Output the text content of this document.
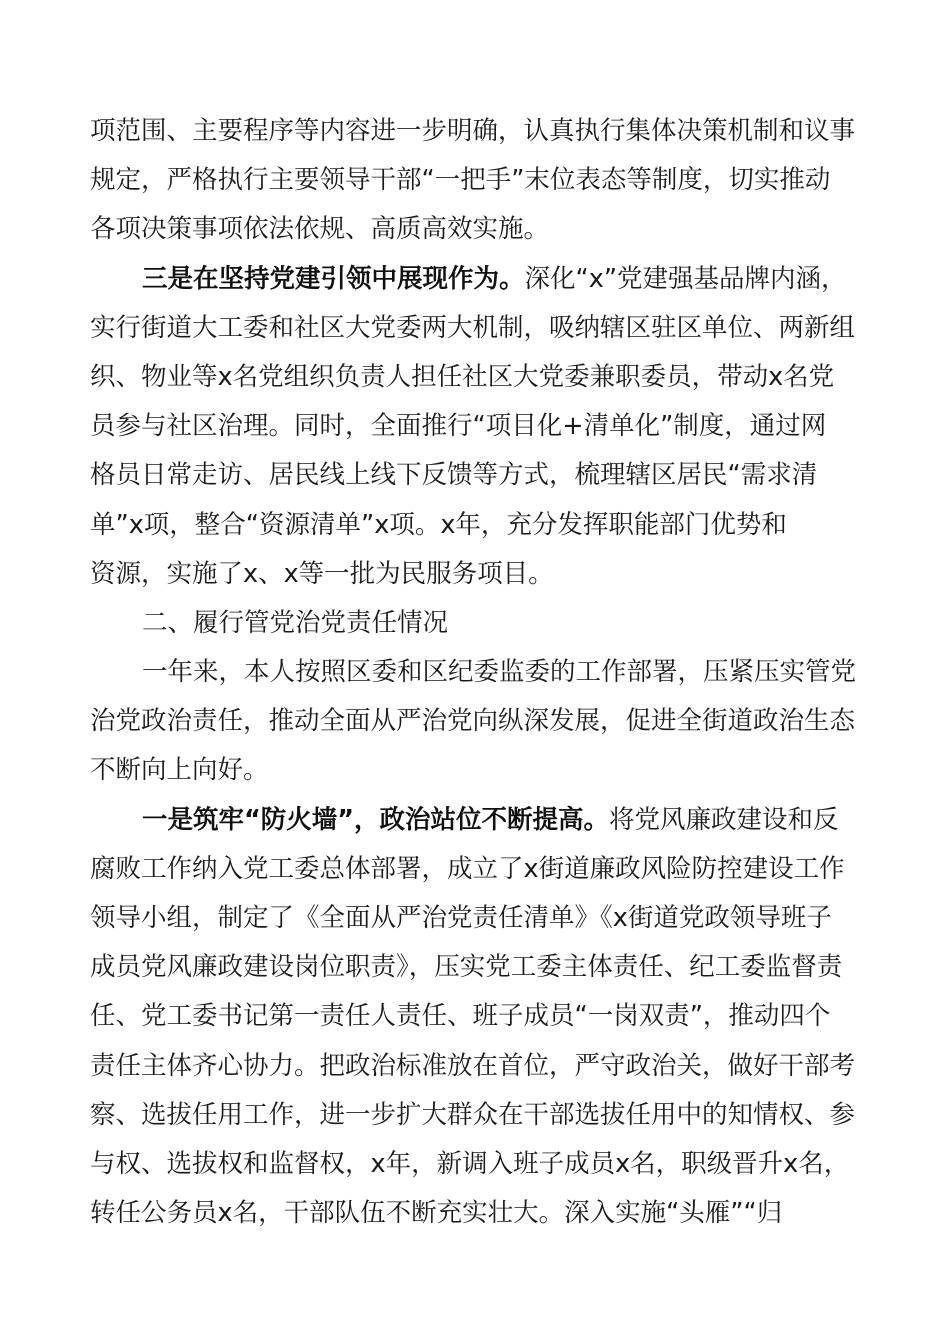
项范围、主要程序等内容进一步明确，认真执行集体决策机制和议事
规定，严格执行主要领导干部“一把手”末位表态等制度，切实推动
各项决策事项依法依规、高质高效实施。
三是在坚持党建引领中展现作为。深化“x”党建强基品牌内涵，
实行街道大工委和社区大党委两大机制，吸纳辖区驻区单位、两新组
织、物业等x名党组织负责人担任社区大党委兼职委员，带动x名党
员参与社区治理。同时，全面推行“项目化+清单化”制度，通过网
格员日常走访、居民线上线下反馈等方式，梳理辖区居民“需求清
单”x项，整合“资源清单”x项。x年，充分发挥职能部门优势和
资源，实施了x、x等一批为民服务项目。
二、履行管党治党责任情况
一年来，本人按照区委和区纪委监委的工作部署，压紧压实管党
治党政治责任，推动全面从严治党向纵深发展，促进全街道政治生态
不断向上向好。
一是筑牢“防火墙”，政治站位不断提高。将党风廉政建设和反
腐败工作纳入党工委总体部署，成立了x街道廉政风险防控建设工作
领导小组，制定了《全面从严治党责任清单》《x街道党政领导班子
成员党风廉政建设岗位职责》，压实党工委主体责任、纪工委监督责
任、党工委书记第一责任人责任、班子成员“一岗双责”，推动四个
责任主体齐心协力。把政治标准放在首位，严守政治关，做好干部考
察、选拔任用工作，进一步扩大群众在干部选拔任用中的知情权、参
与权、选拔权和监督权，x年，新调入班子成员x名，职级晋升x名，
转任公务员x名，干部队伍不断充实壮大。深入实施“头雁”“归
